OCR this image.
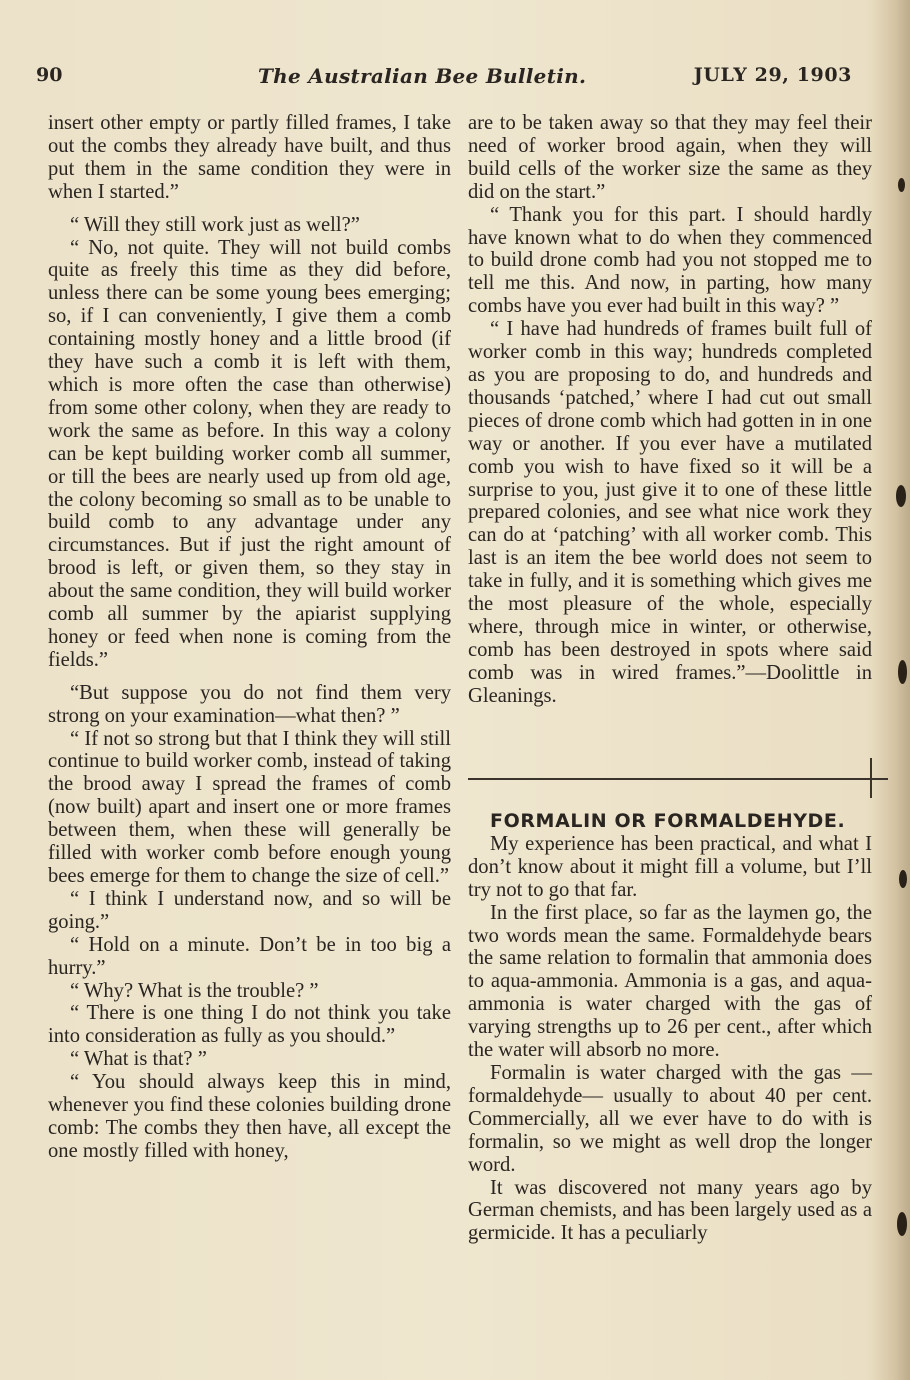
90	The Australian Bee Bulletin.	JULY 29, 1903

insert other empty or partly filled frames, I take out the combs they already have built, and thus put them in the same condition they were in when I started.”

“ Will they still work just as well?”

“ No, not quite. They will not build combs quite as freely this time as they did before, unless there can be some young bees emerging; so, if I can conveniently, I give them a comb containing mostly honey and a little brood (if they have such a comb it is left with them, which is more often the case than otherwise) from some other colony, when they are ready to work the same as before. In this way a colony can be kept building worker comb all summer, or till the bees are nearly used up from old age, the colony becoming so small as to be unable to build comb to any advantage under any circumstances. But if just the right amount of brood is left, or given them, so they stay in about the same condition, they will build worker comb all summer by the apiarist supplying honey or feed when none is coming from the fields.”

“But suppose you do not find them very strong on your examination—what then? ”

“ If not so strong but that I think they will still continue to build worker comb, instead of taking the brood away I spread the frames of comb (now built) apart and insert one or more frames between them, when these will generally be filled with worker comb before enough young bees emerge for them to change the size of cell.”

“ I think I understand now, and so will be going.”

“ Hold on a minute. Don’t be in too big a hurry.”

“ Why? What is the trouble? ”

“ There is one thing I do not think you take into consideration as fully as you should.”

“ What is that? ”

“ You should always keep this in mind, whenever you find these colonies building drone comb: The combs they then have, all except the one mostly filled with honey,

are to be taken away so that they may feel their need of worker brood again, when they will build cells of the worker size the same as they did on the start.”

“ Thank you for this part. I should hardly have known what to do when they commenced to build drone comb had you not stopped me to tell me this. And now, in parting, how many combs have you ever had built in this way? ”

“ I have had hundreds of frames built full of worker comb in this way; hundreds completed as you are proposing to do, and hundreds and thousands ‘patched,’ where I had cut out small pieces of drone comb which had gotten in in one way or another. If you ever have a mutilated comb you wish to have fixed so it will be a surprise to you, just give it to one of these little prepared colonies, and see what nice work they can do at ‘patching’ with all worker comb. This last is an item the bee world does not seem to take in fully, and it is something which gives me the most pleasure of the whole, especially where, through mice in winter, or otherwise, comb has been destroyed in spots where said comb was in wired frames.”—Doolittle in Gleanings.

FORMALIN OR FORMALDEHYDE.

My experience has been practical, and what I don’t know about it might fill a volume, but I’ll try not to go that far.

In the first place, so far as the laymen go, the two words mean the same. Formaldehyde bears the same relation to formalin that ammonia does to aqua-ammonia. Ammonia is a gas, and aqua-ammonia is water charged with the gas of varying strengths up to 26 per cent., after which the water will absorb no more.

Formalin is water charged with the gas —formaldehyde— usually to about 40 per cent. Commercially, all we ever have to do with is formalin, so we might as well drop the longer word.

It was discovered not many years ago by German chemists, and has been largely used as a germicide. It has a peculiarly
